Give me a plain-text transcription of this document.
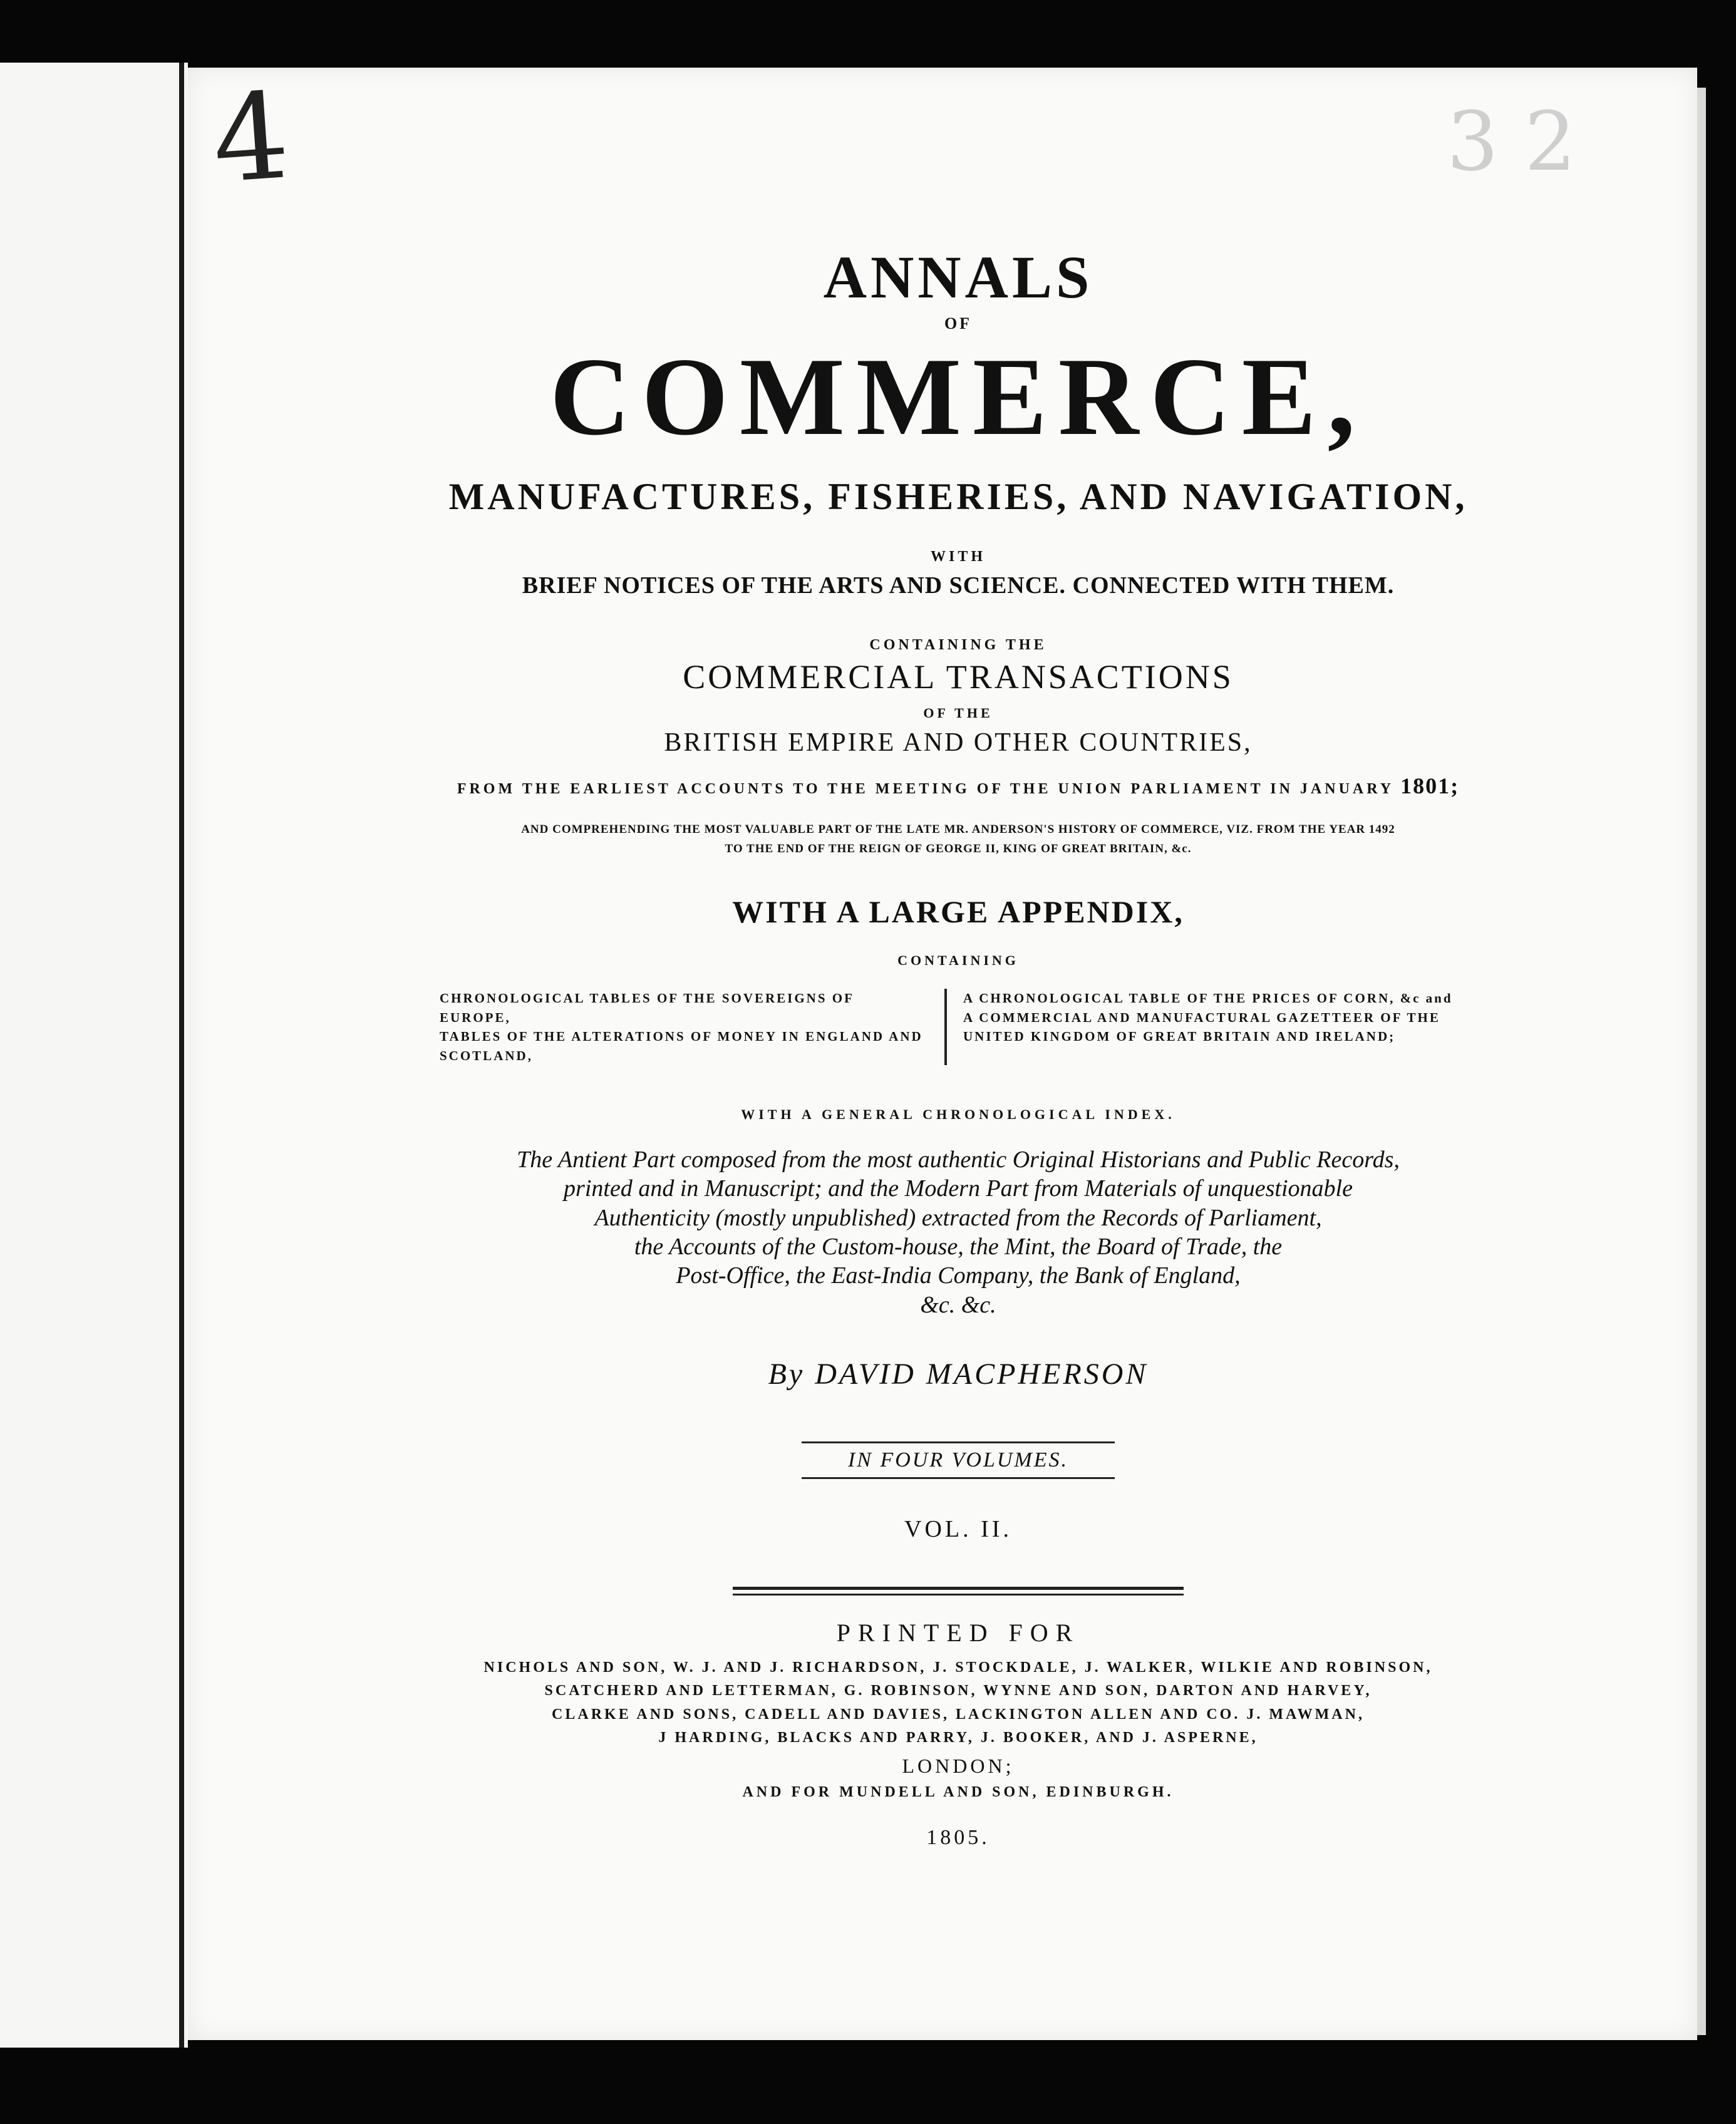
4	3 2

ANNALS

OF

COMMERCE,

MANUFACTURES, FISHERIES, AND NAVIGATION,

WITH

BRIEF NOTICES OF THE ARTS AND SCIENCE. CONNECTED WITH THEM.

CONTAINING THE

COMMERCIAL TRANSACTIONS

OF THE

BRITISH EMPIRE AND OTHER COUNTRIES,

FROM THE EARLIEST ACCOUNTS TO THE MEETING OF THE UNION PARLIAMENT IN JANUARY 1801;

AND COMPREHENDING THE MOST VALUABLE PART OF THE LATE MR. ANDERSON'S HISTORY OF COMMERCE, VIZ. FROM THE YEAR 1492
TO THE END OF THE REIGN OF GEORGE II, KING OF GREAT BRITAIN, &c.

WITH A LARGE APPENDIX,

CONTAINING

CHRONOLOGICAL TABLES OF THE SOVEREIGNS OF EUROPE,
TABLES OF THE ALTERATIONS OF MONEY IN ENGLAND AND
SCOTLAND,
A CHRONOLOGICAL TABLE OF THE PRICES OF CORN, &c and
A COMMERCIAL AND MANUFACTURAL GAZETTEER OF THE
UNITED KINGDOM OF GREAT BRITAIN AND IRELAND;

WITH A GENERAL CHRONOLOGICAL INDEX.

The Antient Part composed from the most authentic Original Historians and Public Records,
printed and in Manuscript; and the Modern Part from Materials of unquestionable
Authenticity (mostly unpublished) extracted from the Records of Parliament,
the Accounts of the Custom-house, the Mint, the Board of Trade, the
Post-Office, the East-India Company, the Bank of England,
&c. &c.

By DAVID MACPHERSON

IN FOUR VOLUMES.

VOL. II.

PRINTED FOR

NICHOLS AND SON, W. J. AND J. RICHARDSON, J. STOCKDALE, J. WALKER, WILKIE AND ROBINSON,
SCATCHERD AND LETTERMAN, G. ROBINSON, WYNNE AND SON, DARTON AND HARVEY,
CLARKE AND SONS, CADELL AND DAVIES, LACKINGTON ALLEN AND CO. J. MAWMAN,
J HARDING, BLACKS AND PARRY, J. BOOKER, AND J. ASPERNE,

LONDON;

AND FOR MUNDELL AND SON, EDINBURGH.

1805.
